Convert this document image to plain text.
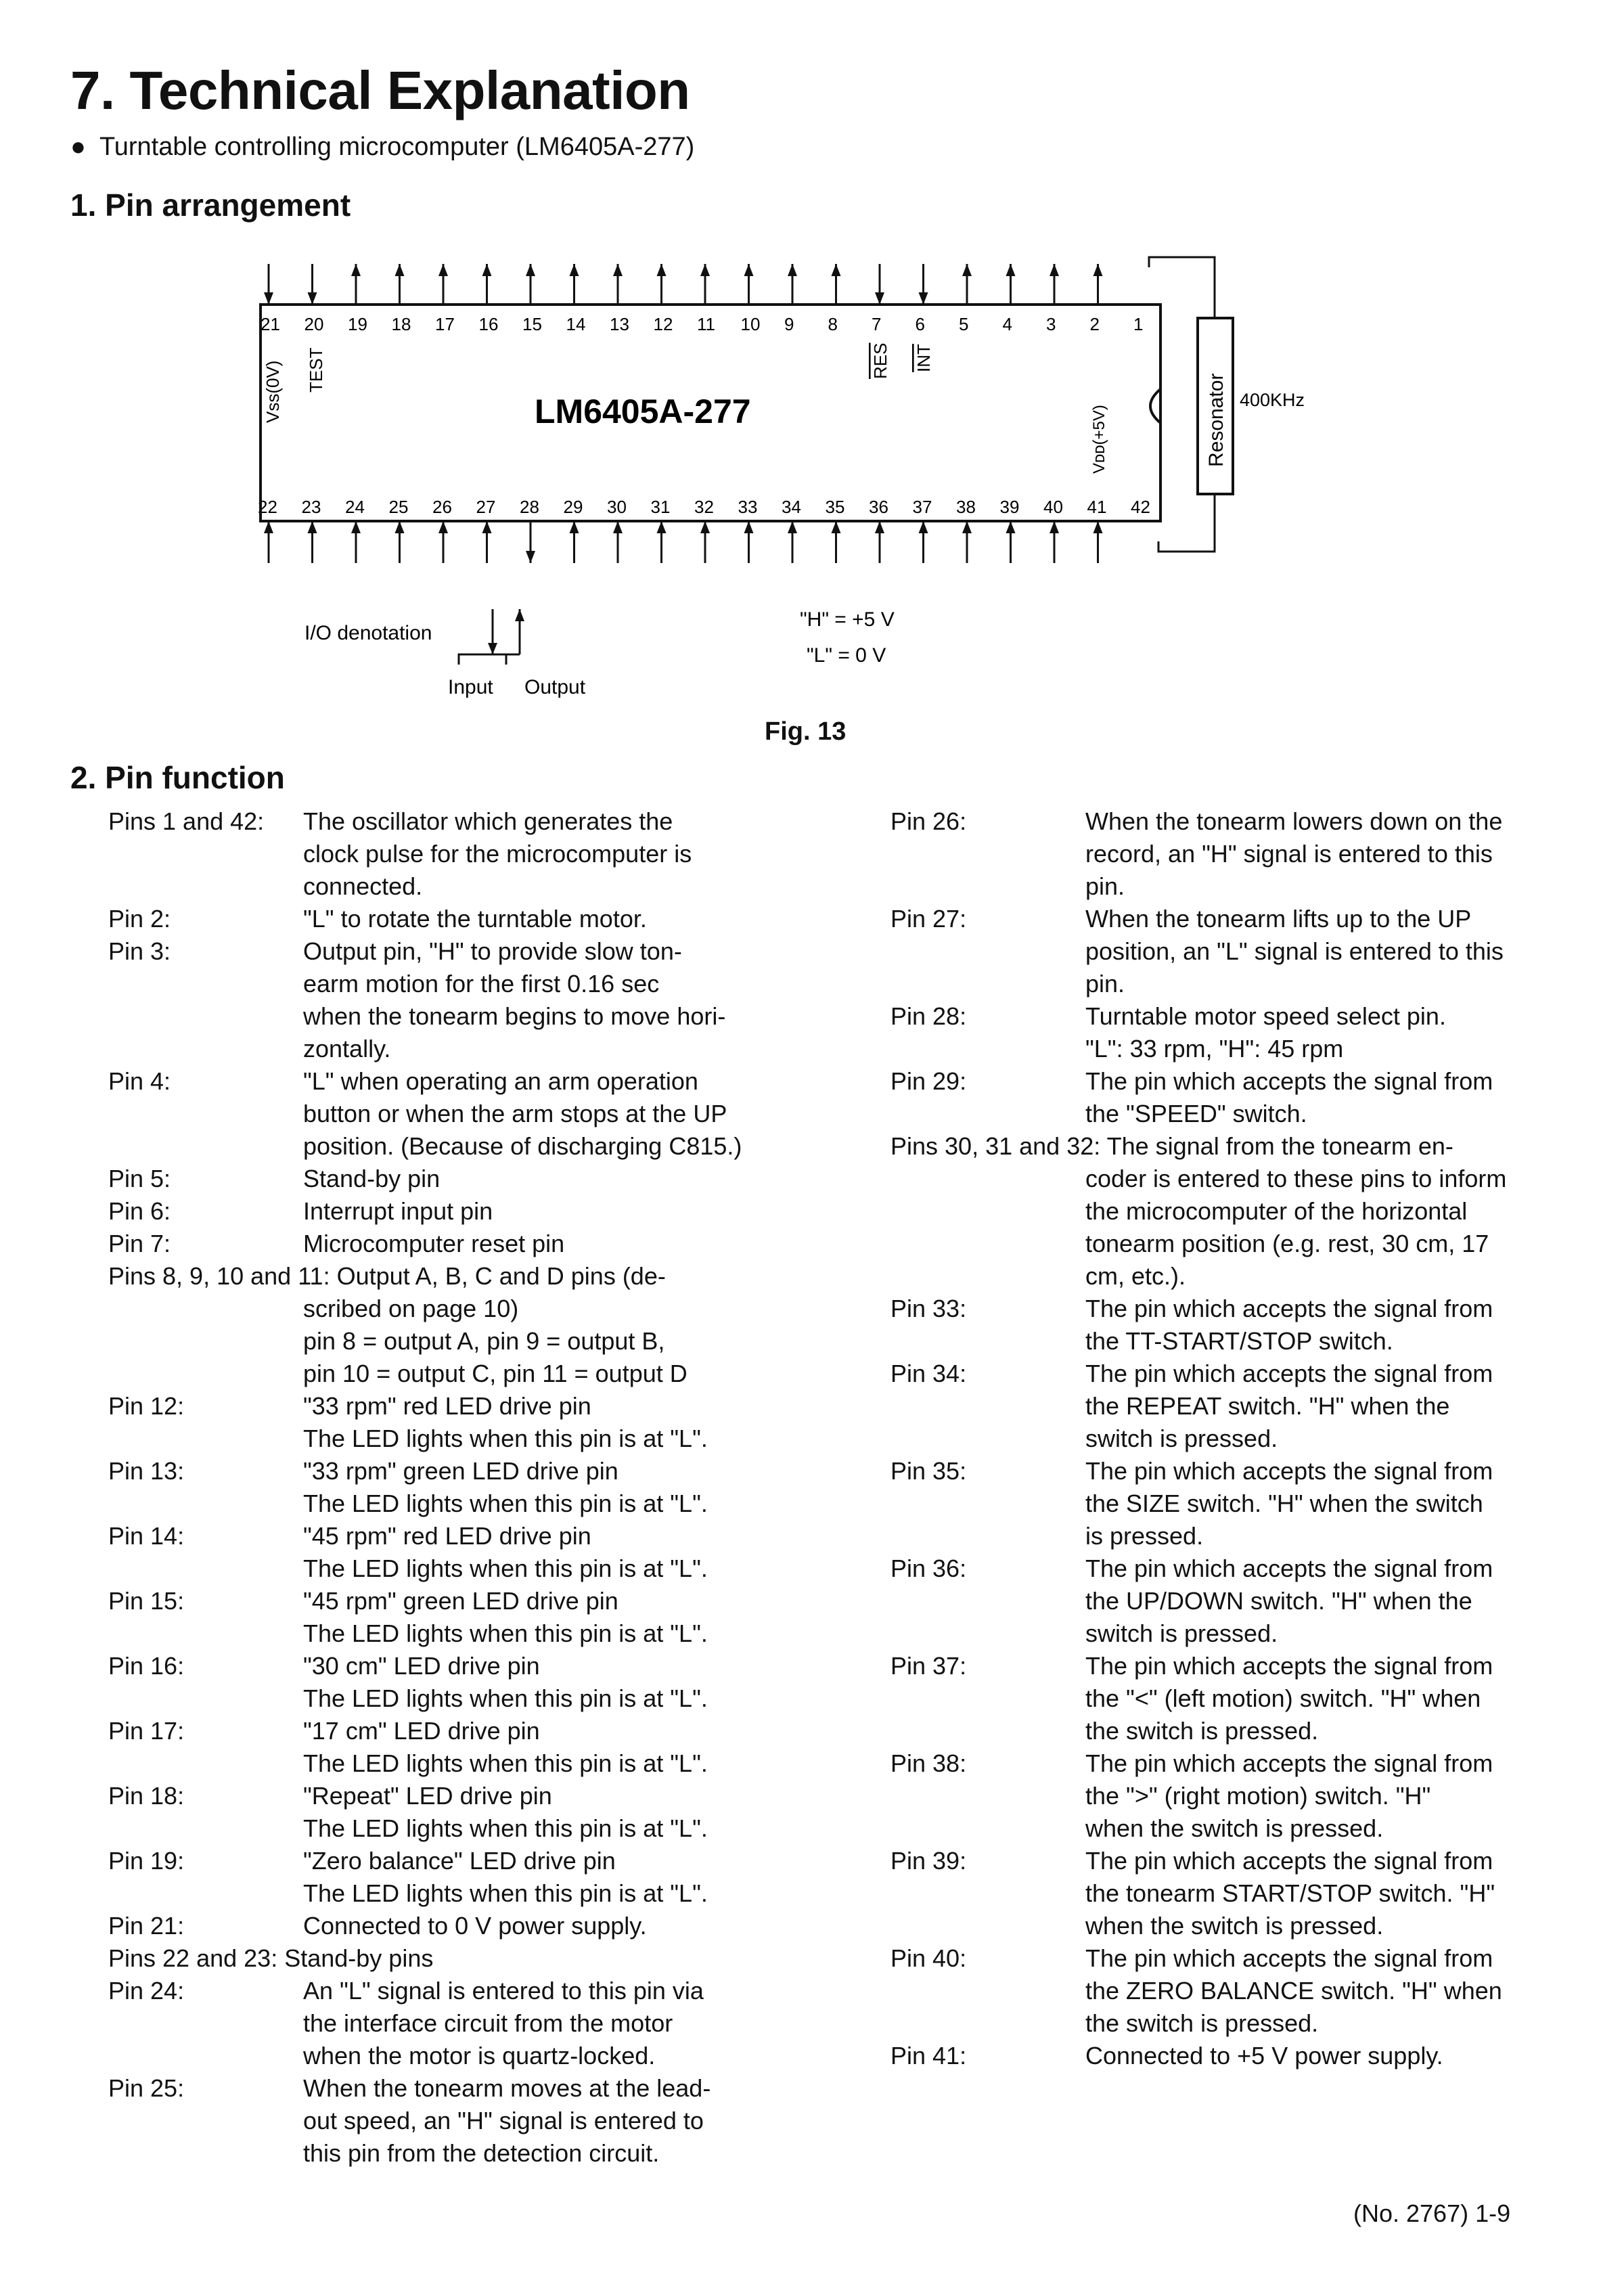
7. Technical Explanation
● Turntable controlling microcomputer (LM6405A-277)
1. Pin arrangement
21 20 19 18 17 16 15 14 13 12 11 10 9 8 7 6 5 4 3 2 1
22 23 24 25 26 27 28 29 30 31 32 33 34 35 36 37 38 39 40 41 42
LM6405A-277
Vss(0V) TEST	RES INT
Vᴅᴅ(+5V)	Resonator 400KHz
I/O denotation
Input Output
"H" = +5 V
"L" = 0 V
Fig. 13
2. Pin function
Pins 1 and 42:	The oscillator which generates the
clock pulse for the microcomputer is
connected.
Pin 2:	"L" to rotate the turntable motor.
Pin 3:	Output pin, "H" to provide slow ton-
earm motion for the first 0.16 sec
when the tonearm begins to move hori-
zontally.
Pin 4:	"L" when operating an arm operation
button or when the arm stops at the UP
position. (Because of discharging C815.)
Pin 5:	Stand-by pin
Pin 6:	Interrupt input pin
Pin 7:	Microcomputer reset pin
Pins 8, 9, 10 and 11: Output A, B, C and D pins (de-
scribed on page 10)
pin 8 = output A, pin 9 = output B,
pin 10 = output C, pin 11 = output D
Pin 12:	"33 rpm" red LED drive pin
The LED lights when this pin is at "L".
Pin 13:	"33 rpm" green LED drive pin
The LED lights when this pin is at "L".
Pin 14:	"45 rpm" red LED drive pin
The LED lights when this pin is at "L".
Pin 15:	"45 rpm" green LED drive pin
The LED lights when this pin is at "L".
Pin 16:	"30 cm" LED drive pin
The LED lights when this pin is at "L".
Pin 17:	"17 cm" LED drive pin
The LED lights when this pin is at "L".
Pin 18:	"Repeat" LED drive pin
The LED lights when this pin is at "L".
Pin 19:	"Zero balance" LED drive pin
The LED lights when this pin is at "L".
Pin 21:	Connected to 0 V power supply.
Pins 22 and 23: Stand-by pins
Pin 24:	An "L" signal is entered to this pin via
the interface circuit from the motor
when the motor is quartz-locked.
Pin 25:	When the tonearm moves at the lead-
out speed, an "H" signal is entered to
this pin from the detection circuit.
Pin 26:	When the tonearm lowers down on the
record, an "H" signal is entered to this
pin.
Pin 27:	When the tonearm lifts up to the UP
position, an "L" signal is entered to this
pin.
Pin 28:	Turntable motor speed select pin.
"L": 33 rpm, "H": 45 rpm
Pin 29:	The pin which accepts the signal from
the "SPEED" switch.
Pins 30, 31 and 32: The signal from the tonearm en-
coder is entered to these pins to inform
the microcomputer of the horizontal
tonearm position (e.g. rest, 30 cm, 17
cm, etc.).
Pin 33:	The pin which accepts the signal from
the TT-START/STOP switch.
Pin 34:	The pin which accepts the signal from
the REPEAT switch. "H" when the
switch is pressed.
Pin 35:	The pin which accepts the signal from
the SIZE switch. "H" when the switch
is pressed.
Pin 36:	The pin which accepts the signal from
the UP/DOWN switch. "H" when the
switch is pressed.
Pin 37:	The pin which accepts the signal from
the "<" (left motion) switch. "H" when
the switch is pressed.
Pin 38:	The pin which accepts the signal from
the ">" (right motion) switch. "H"
when the switch is pressed.
Pin 39:	The pin which accepts the signal from
the tonearm START/STOP switch. "H"
when the switch is pressed.
Pin 40:	The pin which accepts the signal from
the ZERO BALANCE switch. "H" when
the switch is pressed.
Pin 41:	Connected to +5 V power supply.
(No. 2767) 1-9
